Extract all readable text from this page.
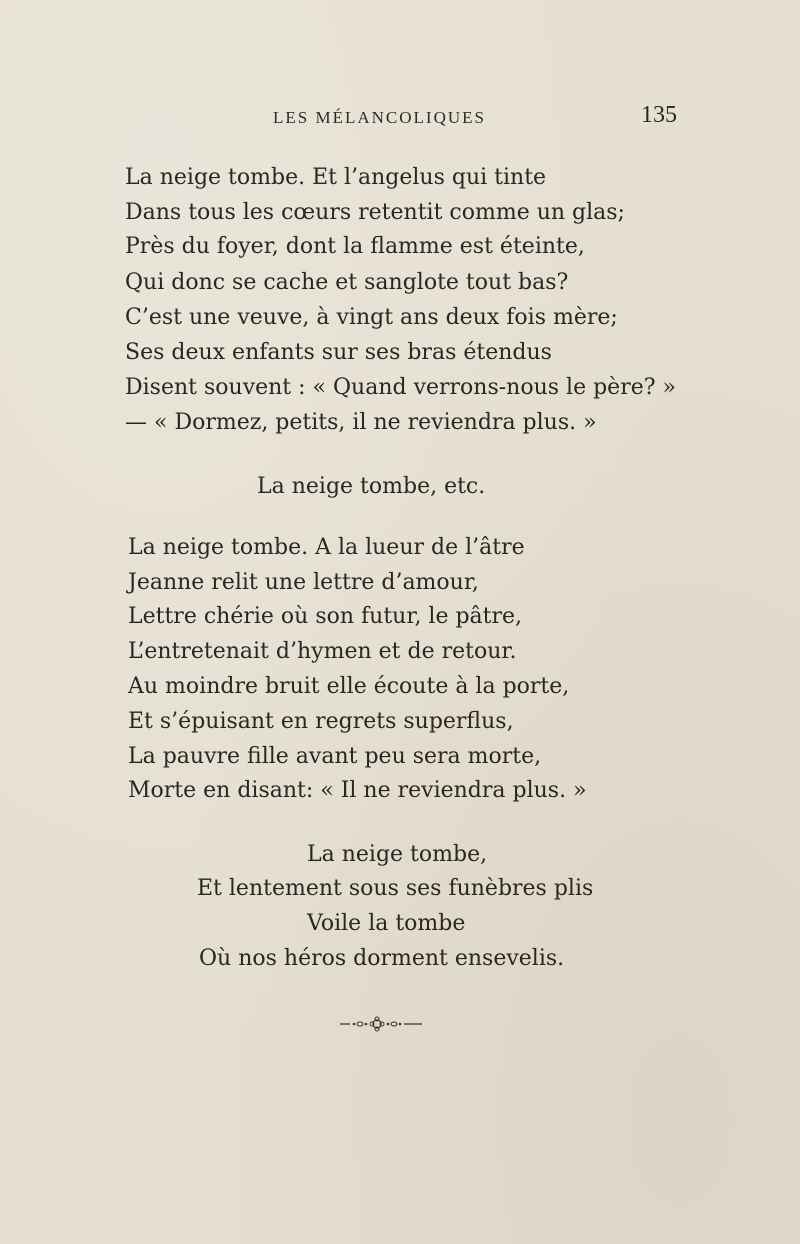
LES MÉLANCOLIQUES	135
La neige tombe. Et l’angelus qui tinte
Dans tous les cœurs retentit comme un glas;
Près du foyer, dont la flamme est éteinte,
Qui donc se cache et sanglote tout bas?
C’est une veuve, à vingt ans deux fois mère;
Ses deux enfants sur ses bras étendus
Disent souvent : « Quand verrons-nous le père? »
— « Dormez, petits, il ne reviendra plus. »
La neige tombe, etc.
La neige tombe. A la lueur de l’âtre
Jeanne relit une lettre d’amour,
Lettre chérie où son futur, le pâtre,
L’entretenait d’hymen et de retour.
Au moindre bruit elle écoute à la porte,
Et s’épuisant en regrets superflus,
La pauvre fille avant peu sera morte,
Morte en disant: « Il ne reviendra plus. »
La neige tombe,
Et lentement sous ses funèbres plis
Voile la tombe
Où nos héros dorment ensevelis.
